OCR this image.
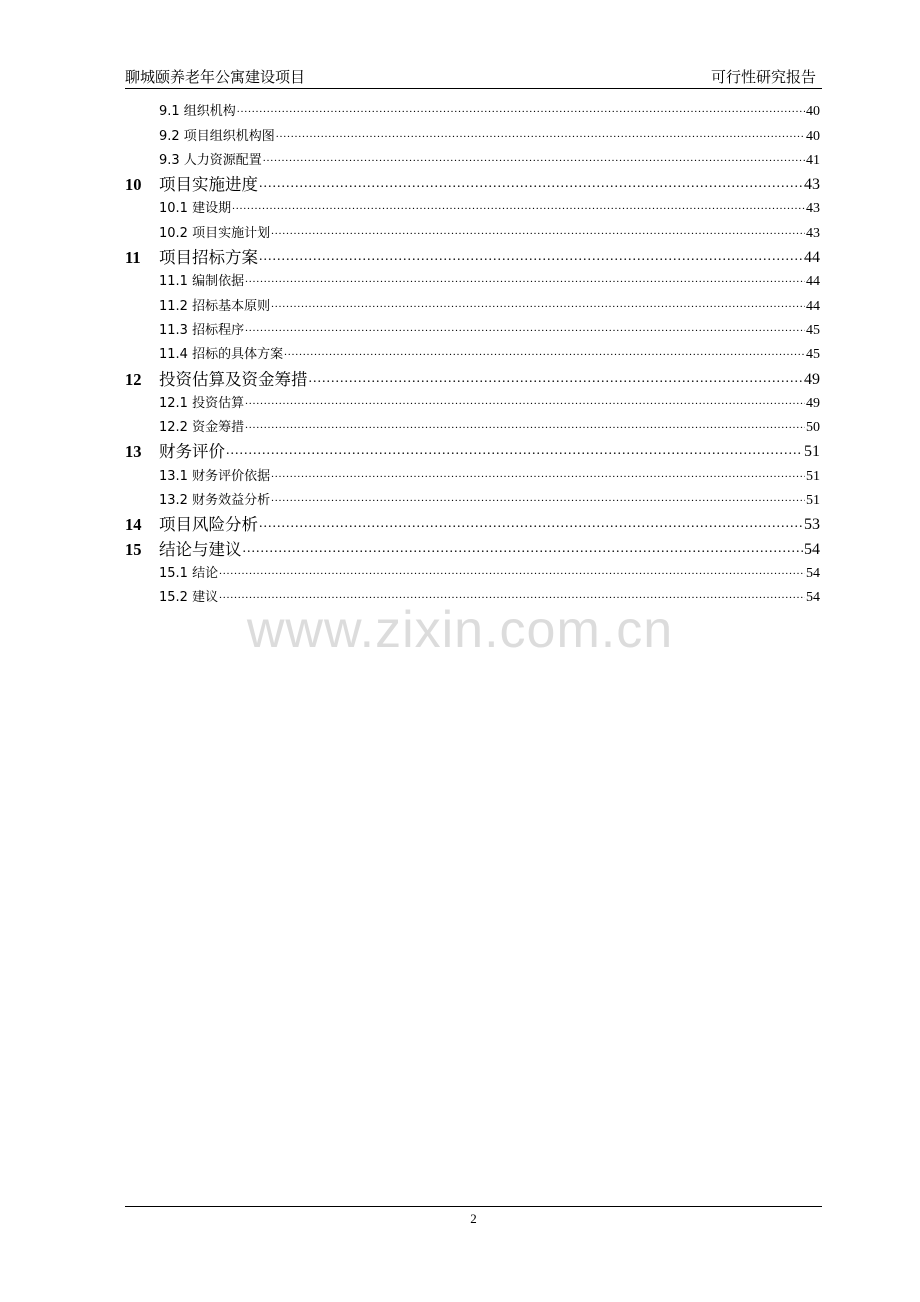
聊城颐养老年公寓建设项目	可行性研究报告
9.1 组织机构 .....	40
9.2 项目组织机构图 .....	40
9.3 人力资源配置 .....	41
10	项目实施进度 .....	43
10.1 建设期 .....	43
10.2 项目实施计划 .....	43
11	项目招标方案 .....	44
11.1 编制依据 .....	44
11.2 招标基本原则 .....	44
11.3 招标程序 .....	45
11.4 招标的具体方案 .....	45
12	投资估算及资金筹措 .....	49
12.1 投资估算 .....	49
12.2 资金筹措 .....	50
13	财务评价 .....	51
13.1 财务评价依据 .....	51
13.2 财务效益分析 .....	51
14	项目风险分析 .....	53
15	结论与建议 .....	54
15.1 结论 .....	54
15.2 建议 .....	54
www.zixin.com.cn
2
